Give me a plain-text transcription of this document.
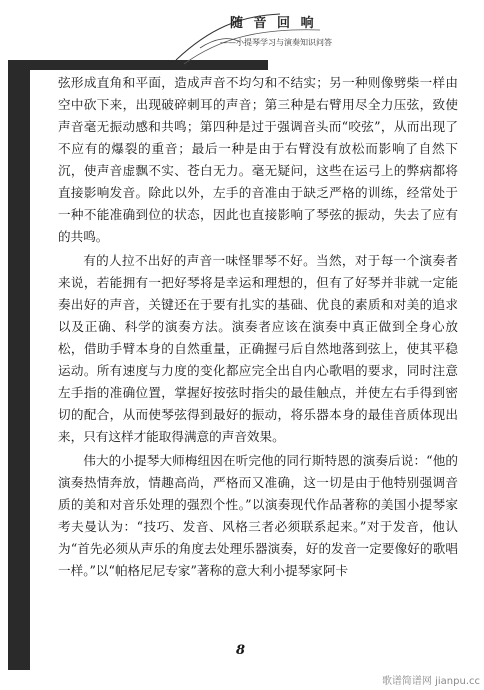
随 音 回 响
——小提琴学习与演奏知识问答

弦形成直角和平面，造成声音不均匀和不结实；另一种则像劈柴一样由空中砍下来，出现破碎刺耳的声音；第三种是右臂用尽全力压弦，致使声音毫无振动感和共鸣；第四种是过于强调音头而“咬弦”，从而出现了不应有的爆裂的重音；最后一种是由于右臂没有放松而影响了自然下沉，使声音虚飘不实、苍白无力。毫无疑问，这些在运弓上的弊病都将直接影响发音。除此以外，左手的音准由于缺乏严格的训练，经常处于一种不能准确到位的状态，因此也直接影响了琴弦的振动，失去了应有的共鸣。

有的人拉不出好的声音一味怪罪琴不好。当然，对于每一个演奏者来说，若能拥有一把好琴将是幸运和理想的，但有了好琴并非就一定能奏出好的声音，关键还在于要有扎实的基础、优良的素质和对美的追求以及正确、科学的演奏方法。演奏者应该在演奏中真正做到全身心放松，借助手臂本身的自然重量，正确握弓后自然地落到弦上，使其平稳运动。所有速度与力度的变化都应完全出自内心歌唱的要求，同时注意左手指的准确位置，掌握好按弦时指尖的最佳触点，并使左右手得到密切的配合，从而使琴弦得到最好的振动，将乐器本身的最佳音质体现出来，只有这样才能取得满意的声音效果。

伟大的小提琴大师梅纽因在听完他的同行斯特恩的演奏后说：“他的演奏热情奔放，情趣高尚，严格而又准确，这一切是由于他特别强调音质的美和对音乐处理的强烈个性。”以演奏现代作品著称的美国小提琴家考夫曼认为：“技巧、发音、风格三者必须联系起来。”对于发音，他认为“首先必须从声乐的角度去处理乐器演奏，好的发音一定要像好的歌唱一样。”以“帕格尼尼专家”著称的意大利小提琴家阿卡

8
歌谱简谱网 jianpu.cc
